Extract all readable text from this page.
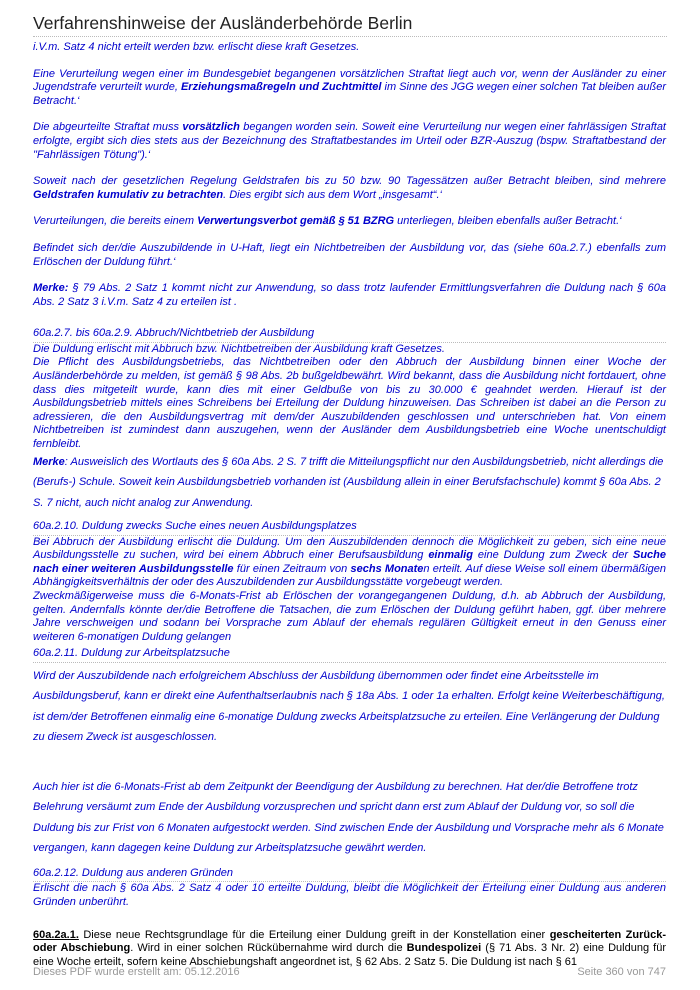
Verfahrenshinweise der Ausländerbehörde Berlin

i.V.m. Satz 4 nicht erteilt werden bzw. erlischt diese kraft Gesetzes.

Eine Verurteilung wegen einer im Bundesgebiet begangenen vorsätzlichen Straftat liegt auch vor, wenn der Ausländer zu einer Jugendstrafe verurteilt wurde, Erziehungsmaßregeln und Zuchtmittel im Sinne des JGG wegen einer solchen Tat bleiben außer Betracht.‘

Die abgeurteilte Straftat muss vorsätzlich begangen worden sein. Soweit eine Verurteilung nur wegen einer fahrlässigen Straftat erfolgte, ergibt sich dies stets aus der Bezeichnung des Straftatbestandes im Urteil oder BZR-Auszug (bspw. Straftatbestand der "Fahrlässigen Tötung").‘

Soweit nach der gesetzlichen Regelung Geldstrafen bis zu 50 bzw. 90 Tagessätzen außer Betracht bleiben, sind mehrere Geldstrafen kumulativ zu betrachten. Dies ergibt sich aus dem Wort „insgesamt“.‘

Verurteilungen, die bereits einem Verwertungsverbot gemäß § 51 BZRG unterliegen, bleiben ebenfalls außer Betracht.‘

Befindet sich der/die Auszubildende in U-Haft, liegt ein Nichtbetreiben der Ausbildung vor, das (siehe 60a.2.7.) ebenfalls zum Erlöschen der Duldung führt.‘

Merke: § 79 Abs. 2 Satz 1 kommt nicht zur Anwendung, so dass trotz laufender Ermittlungsverfahren die Duldung nach § 60a Abs. 2 Satz 3 i.V.m. Satz 4 zu erteilen ist .

60a.2.7. bis 60a.2.9. Abbruch/Nichtbetrieb der Ausbildung

Die Duldung erlischt mit Abbruch bzw. Nichtbetreiben der Ausbildung kraft Gesetzes.

Die Pflicht des Ausbildungsbetriebs, das Nichtbetreiben oder den Abbruch der Ausbildung binnen einer Woche der Ausländerbehörde zu melden, ist gemäß § 98 Abs. 2b bußgeldbewährt. Wird bekannt, dass die Ausbildung nicht fortdauert, ohne dass dies mitgeteilt wurde, kann dies mit einer Geldbuße von bis zu 30.000 € geahndet werden. Hierauf ist der Ausbildungsbetrieb mittels eines Schreibens bei Erteilung der Duldung hinzuweisen. Das Schreiben ist dabei an die Person zu adressieren, die den Ausbildungsvertrag mit dem/der Auszubildenden geschlossen und unterschrieben hat. Von einem Nichtbetreiben ist zumindest dann auszugehen, wenn der Ausländer dem Ausbildungsbetrieb eine Woche unentschuldigt fernbleibt.

Merke: Ausweislich des Wortlauts des § 60a Abs. 2 S. 7 trifft die Mitteilungspflicht nur den Ausbildungsbetrieb, nicht allerdings die (Berufs-) Schule. Soweit kein Ausbildungsbetrieb vorhanden ist (Ausbildung allein in einer Berufsfachschule) kommt § 60a Abs. 2 S. 7 nicht, auch nicht analog zur Anwendung.

60a.2.10. Duldung zwecks Suche eines neuen Ausbildungsplatzes

Bei Abbruch der Ausbildung erlischt die Duldung. Um den Auszubildenden dennoch die Möglichkeit zu geben, sich eine neue Ausbildungsstelle zu suchen, wird bei einem Abbruch einer Berufsausbildung einmalig eine Duldung zum Zweck der Suche nach einer weiteren Ausbildungsstelle für einen Zeitraum von sechs Monaten erteilt. Auf diese Weise soll einem übermäßigen Abhängigkeitsverhältnis der oder des Auszubildenden zur Ausbildungsstätte vorgebeugt werden.

Zweckmäßigerweise muss die 6-Monats-Frist ab Erlöschen der vorangegangenen Duldung, d.h. ab Abbruch der Ausbildung, gelten. Andernfalls könnte der/die Betroffene die Tatsachen, die zum Erlöschen der Duldung geführt haben, ggf. über mehrere Jahre verschweigen und sodann bei Vorsprache zum Ablauf der ehemals regulären Gültigkeit erneut in den Genuss einer weiteren 6-monatigen Duldung gelangen

60a.2.11. Duldung zur Arbeitsplatzsuche

Wird der Auszubildende nach erfolgreichem Abschluss der Ausbildung übernommen oder findet eine Arbeitsstelle im Ausbildungsberuf, kann er direkt eine Aufenthaltserlaubnis nach § 18a Abs. 1 oder 1a erhalten. Erfolgt keine Weiterbeschäftigung, ist dem/der Betroffenen einmalig eine 6-monatige Duldung zwecks Arbeitsplatzsuche zu erteilen. Eine Verlängerung der Duldung zu diesem Zweck ist ausgeschlossen.

Auch hier ist die 6-Monats-Frist ab dem Zeitpunkt der Beendigung der Ausbildung zu berechnen. Hat der/die Betroffene trotz Belehrung versäumt zum Ende der Ausbildung vorzusprechen und spricht dann erst zum Ablauf der Duldung vor, so soll die Duldung bis zur Frist von 6 Monaten aufgestockt werden. Sind zwischen Ende der Ausbildung und Vorsprache mehr als 6 Monate vergangen, kann dagegen keine Duldung zur Arbeitsplatzsuche gewährt werden.

60a.2.12. Duldung aus anderen Gründen

Erlischt die nach § 60a Abs. 2 Satz 4 oder 10 erteilte Duldung, bleibt die Möglichkeit der Erteilung einer Duldung aus anderen Gründen unberührt.

60a.2a.1. Diese neue Rechtsgrundlage für die Erteilung einer Duldung greift in der Konstellation einer gescheiterten Zurück- oder Abschiebung. Wird in einer solchen Rückübernahme wird durch die Bundespolizei (§ 71 Abs. 3 Nr. 2) eine Duldung für eine Woche erteilt, sofern keine Abschiebungshaft angeordnet ist, § 62 Abs. 2 Satz 5. Die Duldung ist nach § 61

Dieses PDF wurde erstellt am: 05.12.2016	Seite 360 von 747
